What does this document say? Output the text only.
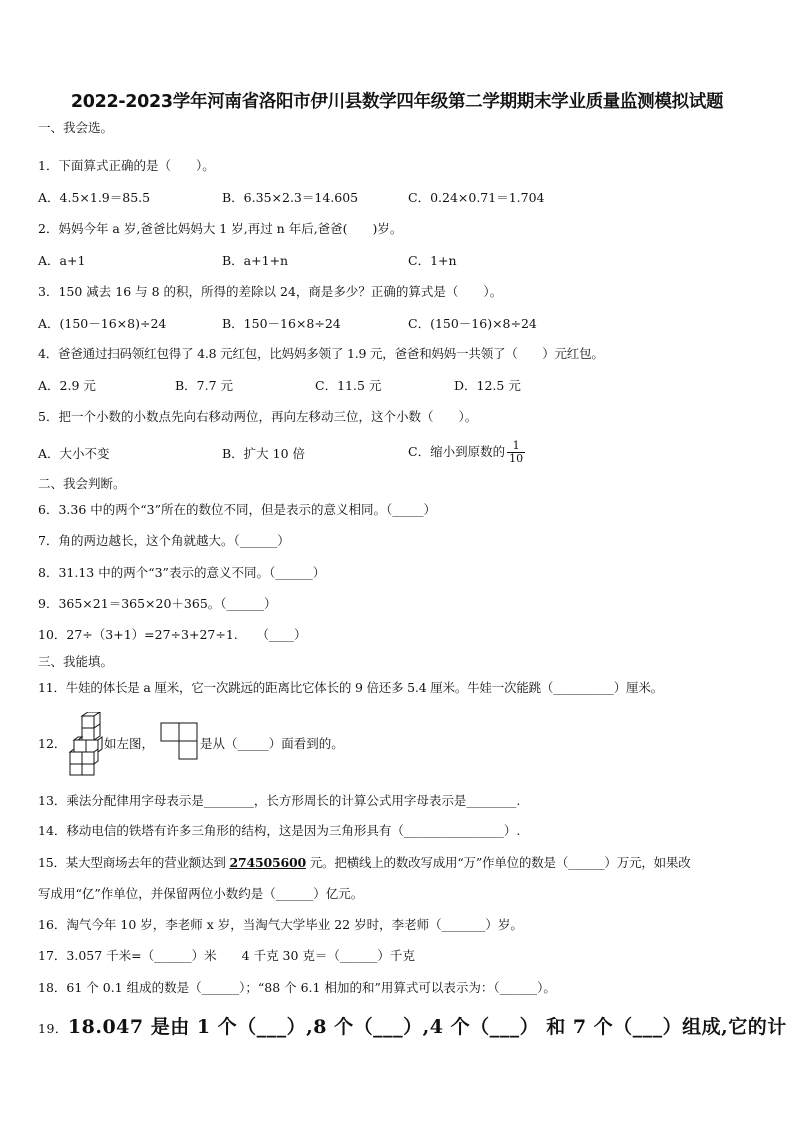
2022-2023学年河南省洛阳市伊川县数学四年级第二学期期末学业质量监测模拟试题
一、我会选。
1．下面算式正确的是（　　）。
A．4.5×1.9＝85.5	B．6.35×2.3＝14.605	C．0.24×0.71＝1.704
2．妈妈今年 a 岁,爸爸比妈妈大 1 岁,再过 n 年后,爸爸(　　)岁。
A．a+1	B．a+1+n	C．1+n
3．150 减去 16 与 8 的积，所得的差除以 24，商是多少？正确的算式是（　　）。
A．(150－16×8)÷24	B．150－16×8÷24	C．(150－16)×8÷24
4．爸爸通过扫码领红包得了 4.8 元红包，比妈妈多领了 1.9 元，爸爸和妈妈一共领了（　　）元红包。
A．2.9 元	B．7.7 元	C．11.5 元	D．12.5 元
5．把一个小数的小数点先向右移动两位，再向左移动三位，这个小数（　　）。
A．大小不变	B．扩大 10 倍	C．缩小到原数的 $\frac{1}{10}$
二、我会判断。
6．3.36 中的两个“3”所在的数位不同，但是表示的意义相同。（_____）
7．角的两边越长，这个角就越大。（______）
8．31.13 中的两个“3”表示的意义不同。（______）
9．365×21＝365×20＋365。（______）
10．27÷（3+1）=27÷3+27÷1.　　（____）
三、我能填。
11．牛娃的体长是 a 厘米，它一次跳远的距离比它体长的 9 倍还多 5.4 厘米。牛娃一次能跳（__________）厘米。
12．	如左图，	是从（_____）面看到的。
13．乘法分配律用字母表示是________，长方形周长的计算公式用字母表示是________.
14．移动电信的铁塔有许多三角形的结构，这是因为三角形具有（________________）.
15．某大型商场去年的营业额达到 274505600 元。把横线上的数改写成用“万”作单位的数是（______）万元，如果改
写成用“亿”作单位，并保留两位小数约是（______）亿元。
16．淘气今年 10 岁，李老师 x 岁，当淘气大学毕业 22 岁时，李老师（_______）岁。
17．3.057 千米=（______）米　　4 千克 30 克＝（______）千克
18．61 个 0.1 组成的数是（______）；“88 个 6.1 相加的和”用算式可以表示为：（______）。
19．18.047 是由 1 个（___）,8 个（___）,4 个（___） 和 7 个（___）组成,它的计
